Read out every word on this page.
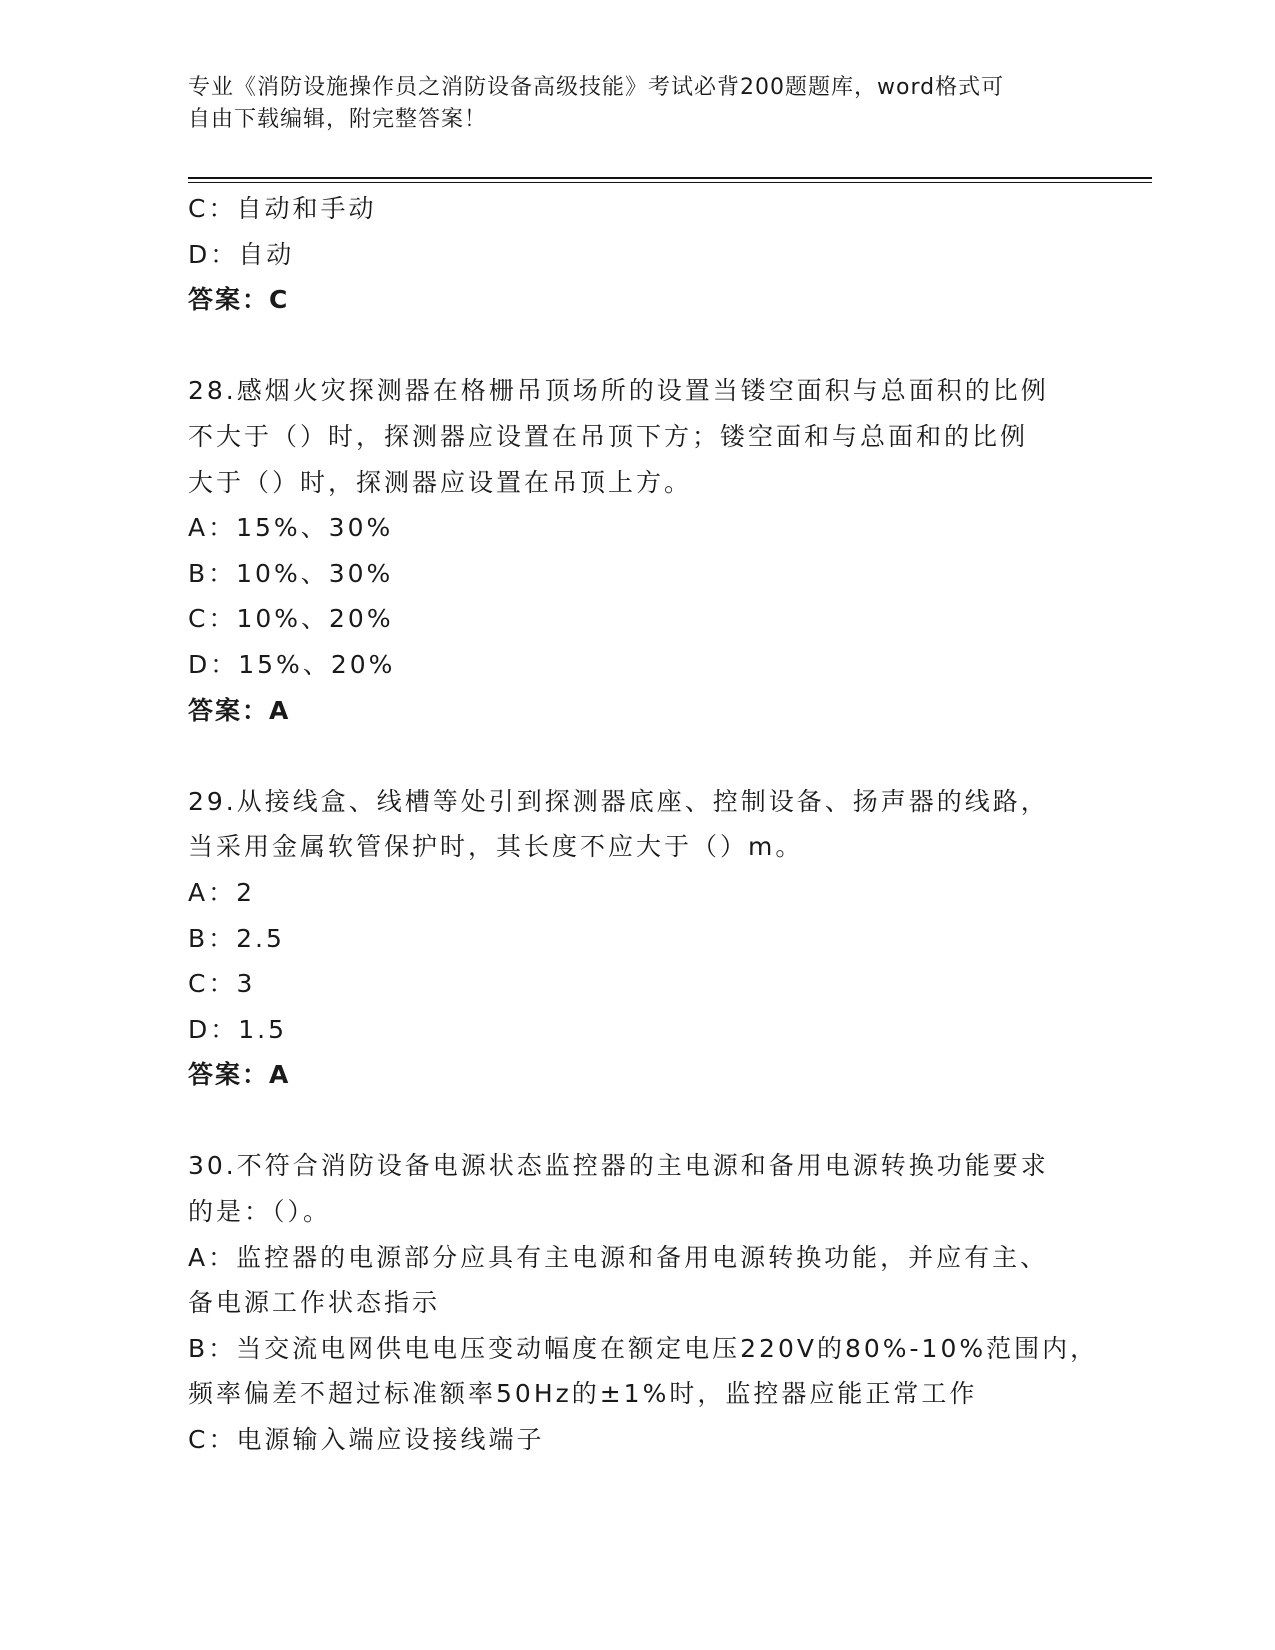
专业《消防设施操作员之消防设备高级技能》考试必背200题题库，word格式可
自由下载编辑，附完整答案！
C：自动和手动
D：自动
答案：C
28.感烟火灾探测器在格栅吊顶场所的设置当镂空面积与总面积的比例
不大于（）时，探测器应设置在吊顶下方；镂空面和与总面和的比例
大于（）时，探测器应设置在吊顶上方。
A：15%、30%
B：10%、30%
C：10%、20%
D：15%、20%
答案：A
29.从接线盒、线槽等处引到探测器底座、控制设备、扬声器的线路，
当采用金属软管保护时，其长度不应大于（）m。
A：2
B：2.5
C：3
D：1.5
答案：A
30.不符合消防设备电源状态监控器的主电源和备用电源转换功能要求
的是：（）。
A：监控器的电源部分应具有主电源和备用电源转换功能，并应有主、
备电源工作状态指示
B：当交流电网供电电压变动幅度在额定电压220V的80%-10%范围内，
频率偏差不超过标准额率50Hz的±1%时，监控器应能正常工作
C：电源输入端应设接线端子
